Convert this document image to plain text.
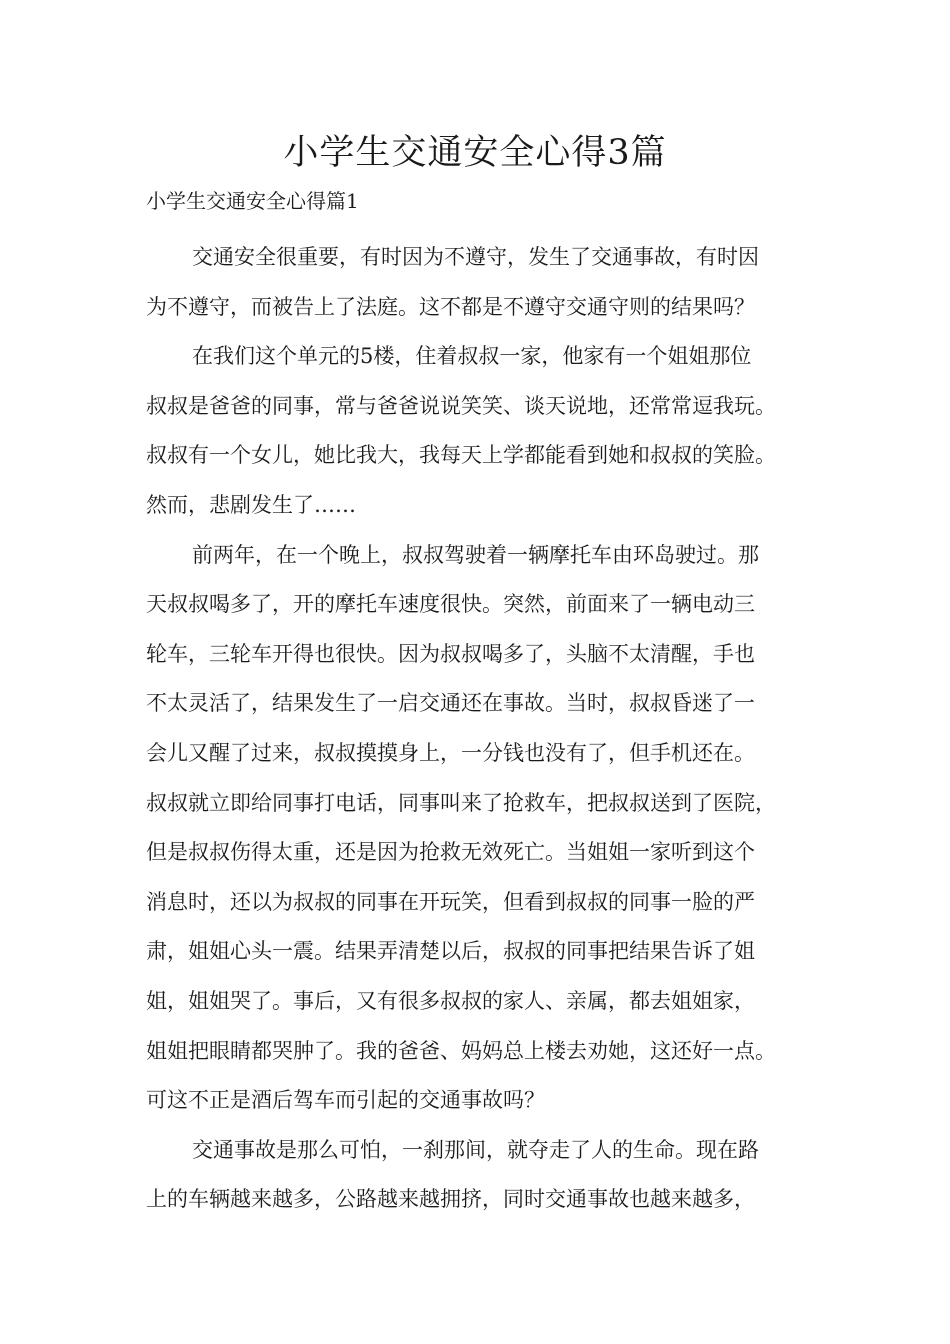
小学生交通安全心得3篇
小学生交通安全心得篇1
交通安全很重要，有时因为不遵守，发生了交通事故，有时因
为不遵守，而被告上了法庭。这不都是不遵守交通守则的结果吗？
在我们这个单元的5楼，住着叔叔一家，他家有一个姐姐那位
叔叔是爸爸的同事，常与爸爸说说笑笑、谈天说地，还常常逗我玩。
叔叔有一个女儿，她比我大，我每天上学都能看到她和叔叔的笑脸。
然而，悲剧发生了……
前两年，在一个晚上，叔叔驾驶着一辆摩托车由环岛驶过。那
天叔叔喝多了，开的摩托车速度很快。突然，前面来了一辆电动三
轮车，三轮车开得也很快。因为叔叔喝多了，头脑不太清醒，手也
不太灵活了，结果发生了一启交通还在事故。当时，叔叔昏迷了一
会儿又醒了过来，叔叔摸摸身上，一分钱也没有了，但手机还在。
叔叔就立即给同事打电话，同事叫来了抢救车，把叔叔送到了医院，
但是叔叔伤得太重，还是因为抢救无效死亡。当姐姐一家听到这个
消息时，还以为叔叔的同事在开玩笑，但看到叔叔的同事一脸的严
肃，姐姐心头一震。结果弄清楚以后，叔叔的同事把结果告诉了姐
姐，姐姐哭了。事后，又有很多叔叔的家人、亲属，都去姐姐家，
姐姐把眼睛都哭肿了。我的爸爸、妈妈总上楼去劝她，这还好一点。
可这不正是酒后驾车而引起的交通事故吗？
交通事故是那么可怕，一刹那间，就夺走了人的生命。现在路
上的车辆越来越多，公路越来越拥挤，同时交通事故也越来越多，
